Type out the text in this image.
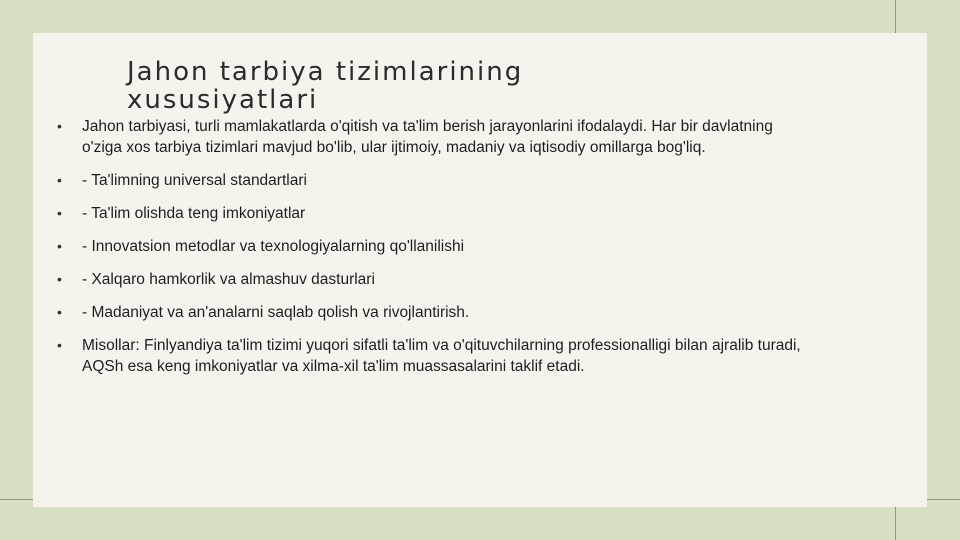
Jahon tarbiya tizimlarining xususiyatlari
• Jahon tarbiyasi, turli mamlakatlarda o'qitish va ta'lim berish jarayonlarini ifodalaydi. Har bir davlatning o'ziga xos tarbiya tizimlari mavjud bo'lib, ular ijtimoiy, madaniy va iqtisodiy omillarga bog'liq.
• - Ta'limning universal standartlari
• - Ta'lim olishda teng imkoniyatlar
• - Innovatsion metodlar va texnologiyalarning qo'llanilishi
• - Xalqaro hamkorlik va almashuv dasturlari
• - Madaniyat va an'analarni saqlab qolish va rivojlantirish.
• Misollar: Finlyandiya ta'lim tizimi yuqori sifatli ta'lim va o'qituvchilarning professionalligi bilan ajralib turadi, AQSh esa keng imkoniyatlar va xilma-xil ta'lim muassasalarini taklif etadi.
